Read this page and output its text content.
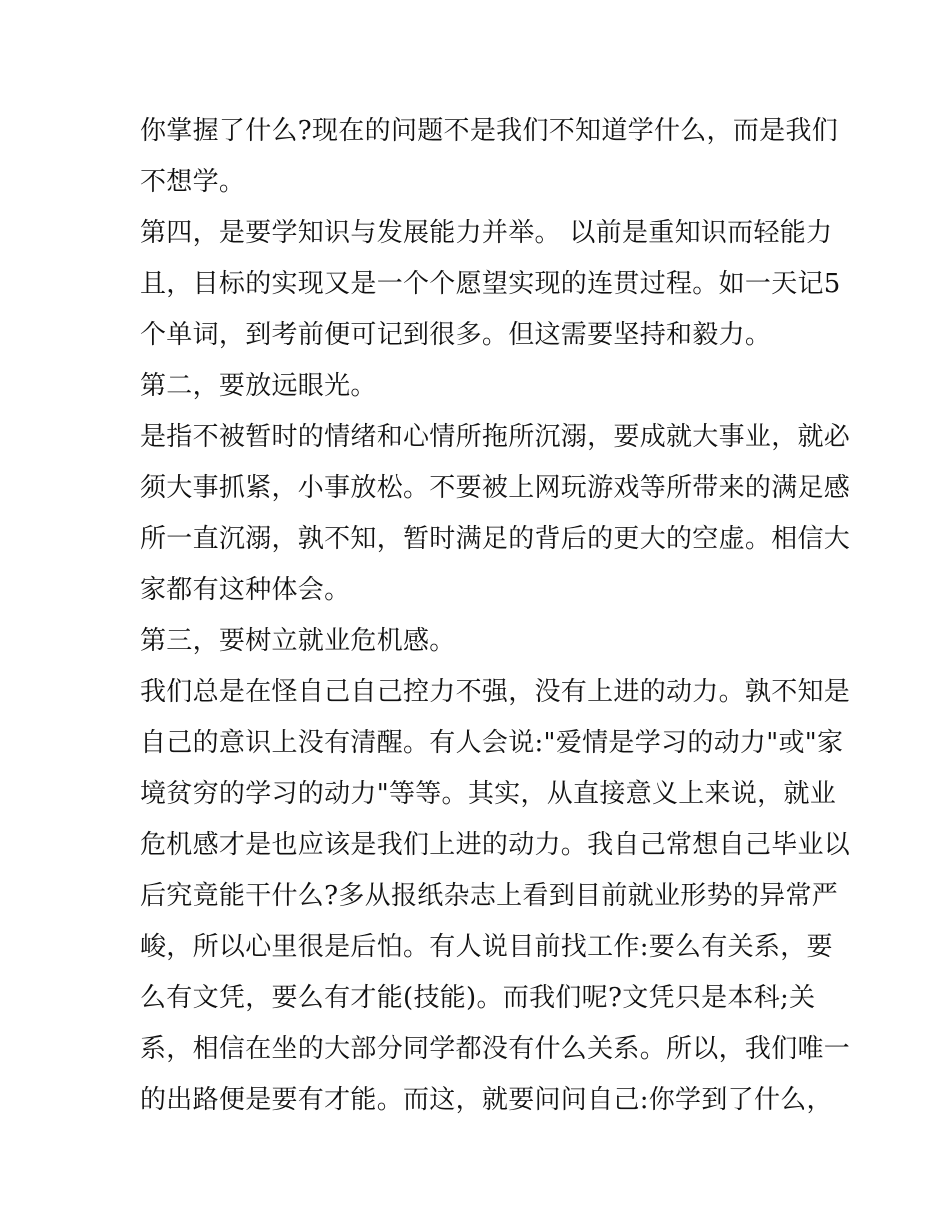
你掌握了什么?现在的问题不是我们不知道学什么，而是我们
不想学。
第四，是要学知识与发展能力并举。 以前是重知识而轻能力
且，目标的实现又是一个个愿望实现的连贯过程。如一天记5
个单词，到考前便可记到很多。但这需要坚持和毅力。
第二，要放远眼光。
是指不被暂时的情绪和心情所拖所沉溺，要成就大事业，就必
须大事抓紧，小事放松。不要被上网玩游戏等所带来的满足感
所一直沉溺，孰不知，暂时满足的背后的更大的空虚。相信大
家都有这种体会。
第三，要树立就业危机感。
我们总是在怪自己自己控力不强，没有上进的动力。孰不知是
自己的意识上没有清醒。有人会说:"爱情是学习的动力"或"家
境贫穷的学习的动力"等等。其实，从直接意义上来说，就业
危机感才是也应该是我们上进的动力。我自己常想自己毕业以
后究竟能干什么?多从报纸杂志上看到目前就业形势的异常严
峻，所以心里很是后怕。有人说目前找工作:要么有关系，要
么有文凭，要么有才能(技能)。而我们呢?文凭只是本科;关
系，相信在坐的大部分同学都没有什么关系。所以，我们唯一
的出路便是要有才能。而这，就要问问自己:你学到了什么，
